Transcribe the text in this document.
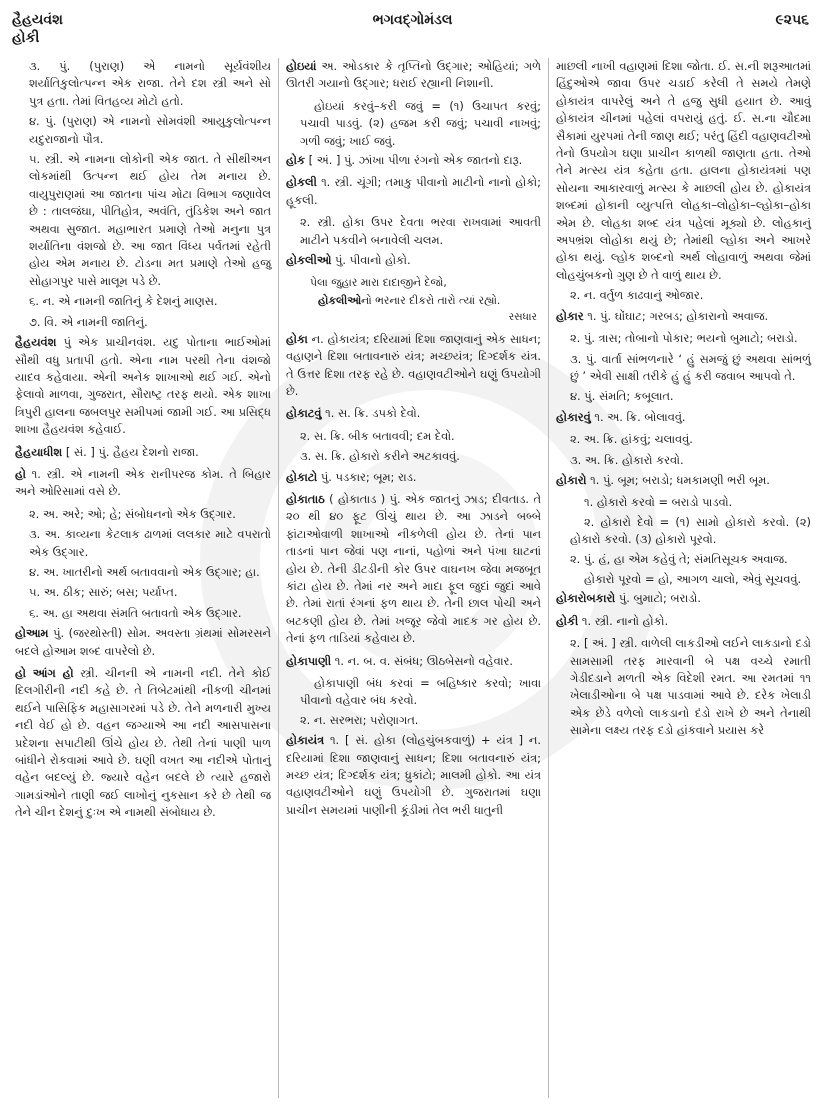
હૈહયવંશ
હોકી
ભગવદ્ગોમંડલ	૯૨૫૬

૩. પું. (પુરાણ) એ નામનો સૂર્યવંશીય શર્યાતિકુલોત્પન્ન એક રાજા. તેને દશ સ્ત્રી અને સો પુત્ર હતા. તેમાં વિતહવ્ય મોટો હતો.

૪. પું. (પુરાણ) એ નામનો સોમવંશી આયુકુલોત્પન્ન યદુરાજાનો પૌત્ર.

૫. સ્ત્રી. એ નામના લોકોની એક જાત. તે સીથીઅન લોકમાંથી ઉત્પન્ન થઈ હોય તેમ મનાય છે. વાયુપુરાણમાં આ જાતના પાંચ મોટા વિભાગ જણાવેલ છે : તાલજંઘા, પીતિહોત્ર, અવંતિ, તુંડિકેશ અને જાત અથવા સુજાત. મહાભારત પ્રમાણે તેઓ મનુના પુત્ર શર્યાતિના વંશજો છે. આ જાત વિંધ્ય પર્વતમાં રહેતી હોય એમ મનાય છે. ટોડના મત પ્રમાણે તેઓ હજુ સોહાગપુર પાસે માલૂમ પડે છે.

૬. ન. એ નામની જાતિનું કે દેશનું માણસ.

૭. વિ. એ નામની જાતિનું.

હૈહયવંશ પું એક પ્રાચીનવંશ. યદુ પોતાના ભાઈઓમાં સૌથી વધુ પ્રતાપી હતો. એના નામ પરથી તેના વંશજો યાદવ કહેવાયા. એની અનેક શાખાઓ થઈ ગઈ. એનો ફેલાવો માળવા, ગુજરાત, સૌરાષ્ટ્ર તરફ થયો. એક શાખા ત્રિપુરી હાલના જબલપુર સમીપમાં જામી ગઈ. આ પ્રસિદ્ધ શાખા હૈહયવંશ કહેવાઈ.

હૈહયાધીશ [ સં. ] પું. હૈહય દેશનો રાજા.

હો ૧. સ્ત્રી. એ નામની એક રાનીપરજ કોમ. તે બિહાર અને ઓરિસામાં વસે છે.

૨. અ. અરે; ઓ; હે; સંબોધનનો એક ઉદ્‌ગાર.

૩. અ. કાવ્યના કેટલાક ઢાળમાં લલકાર માટે વપરાતો એક ઉદ્‌ગાર.

૪. અ. ખાતરીનો અર્થ બતાવવાનો એક ઉદ્‌ગાર; હા.

૫. અ. ઠીક; સારું; બસ; પર્યાપ્ત.

૬. અ. હા અથવા સંમતિ બતાવતો એક ઉદ્‌ગાર.

હોઆમ પું. (જરથોસ્તી) સોમ. અવસ્તા ગ્રંથમાં સોમરસને બદલે હોઆમ શબ્દ વાપરેલો છે.

હો આંગ હો સ્ત્રી. ચીનની એ નામની નદી. તેને કોઈ દિલગીરીની નદી કહે છે. તે તિબેટમાંથી નીકળી ચીનમાં થઈને પાસિફિક મહાસાગરમાં પડે છે. તેને મળનારી મુખ્ય નદી વેઈ હો છે. વહન જગ્યાએ આ નદી આસપાસના પ્રદેશના સપાટીથી ઊંચે હોય છે. તેથી તેનાં પાણી પાળ બાંધીને રોકવામાં આવે છે. ઘણી વખત આ નદીએ પોતાનું વહેન બદલ્યું છે. જ્યારે વહેન બદલે છે ત્યારે હજારો ગામડાંઓને તાણી જઈ લાખોનું નુકસાન કરે છે તેથી જ તેને ચીન દેશનું દુઃખ એ નામથી સંબોધાય છે.

હોઇયાં અ. ઓડકાર કે તૃપ્તિનો ઉદ્‌ગાર; ઓહિયાં; ગળે ઊતરી ગયાનો ઉદ્‌ગાર; ધરાઈ રહ્યાની નિશાની.

હોઇયાં કરવું–કરી જવું = (૧) ઉચાપત કરવું; પચાવી પાડવું. (૨) હજમ કરી જવું; પચાવી નાખવું; ગળી જવું; ખાઈ જવું.

હોક [ અં. ] પું. ઝાંખા પીળા રંગનો એક જાતનો દારૂ.

હોકલી ૧. સ્ત્રી. ચૂંગી; તમાકુ પીવાનો માટીનો નાનો હોકો; હૂકલી.

૨. સ્ત્રી. હોકા ઉપર દેવતા ભરવા રાખવામાં આવતી માટીને પકવીને બનાવેલી ચલમ.

હોકલીઓ પું. પીવાનો હોકો.

પેલા જુહાર મારા દાદાજીને દેજો,
હોકલીઓનો ભરનાર દીકરો તારો ત્યાં રહ્યો.
રસધાર

હોકા ન. હોકાયંત્ર; દરિયામાં દિશા જાણવાનું એક સાધન; વહાણને દિશા બતાવનારું યંત્ર; મચ્છયંત્ર; દિગ્દર્શક યંત્ર. તે ઉત્તર દિશા તરફ રહે છે. વહાણવટીઓને ઘણું ઉપયોગી છે.

હોકાટવું ૧. સ. ક્રિ. ડપકો દેવો.

૨. સ. ક્રિ. બીક બતાવવી; દમ દેવો.

૩. સ. ક્રિ. હોકારો કરીને અટકાવવું.

હોકાટો પું. પડકાર; બૂમ; રાડ.

હોકાતાઠ ( હોકાતાડ ) પું. એક જાતનું ઝાડ; દીવતાડ. તે ૨૦ થી ૪૦ ફૂટ ઊંચું થાય છે. આ ઝાડને બબ્બે ફાંટાઓવાળી શાખાઓ નીકળેલી હોય છે. તેનાં પાન તાડનાં પાન જેવાં પણ નાનાં, પહોળાં અને પંખા ઘાટનાં હોય છે. તેની ડીટડીની કોર ઉપર વાઘનખ જેવા મજબૂત કાંટા હોય છે. તેમાં નર અને માદા ફૂલ જુદાં જુદાં આવે છે. તેમાં રાતાં રંગનાં ફળ થાય છે. તેની છાલ પોચી અને બટકણી હોય છે. તેમાં ખજૂર જેવો માદક ગર હોય છે. તેનાં ફળ તાડિયાં કહેવાય છે.

હોકાપાણી ૧. ન. બ. વ. સંબંધ; ઊઠબેસનો વહેવાર.

હોકાપાણી બંધ કરવાં = બહિષ્કાર કરવો; ખાવા પીવાનો વહેવાર બંધ કરવો.

૨. ન. સરભરા; પરોણાગત.

હોકાયંત્ર ૧. [ સં. હોકા (લોહચુંબકવાળું) + યંત્ર ] ન. દરિયામાં દિશા જાણવાનું સાધન; દિશા બતાવનારું યંત્ર; મચ્છ યંત્ર; દિગ્દર્શક યંત્ર; ધ્રુકાંટો; માલમી હોકો. આ યંત્ર વહાણવટીઓને ઘણું ઉપયોગી છે. ગુજરાતમાં ઘણા પ્રાચીન સમયમાં પાણીની કૂંડીમાં તેલ ભરી ધાતુની

માછલી નાખી વહાણમાં દિશા જોતા. ઈ. સ.ની શરૂઆતમાં હિંદુઓએ જાવા ઉપર ચડાઈ કરેલી તે સમયે તેમણે હોકાયંત્ર વાપરેલું અને તે હજુ સુધી હયાત છે. આવું હોકાયંત્ર ચીનમાં પહેલાં વપરાયું હતું. ઈ. સ.ના ચૌદમા સૈકામાં યુરપમાં તેની જાણ થઈ; પરંતુ હિંદી વહાણવટીઓ તેનો ઉપયોગ ઘણા પ્રાચીન કાળથી જાણતા હતા. તેઓ તેને મત્સ્ય યંત્ર કહેતા હતા. હાલના હોકાયંત્રમાં પણ સોયના આકારવાળું મત્સ્ય કે માછલી હોય છે. હોકાયંત્ર શબ્દમાં હોકાની વ્યુત્પત્તિ લોહકા–લોહોકા–લ્હોકા–હોકા એમ છે. લોહકા શબ્દ યંત્ર પહેલાં મૂક્યો છે. લોહકાનું અપભ્રંશ લોહોકા થયું છે; તેમાંથી લ્હોકા અને આખરે હોકા થયું. લ્હોક શબ્દનો અર્થ લોહાવાળું અથવા જેમાં લોહચુંબકનો ગુણ છે તે વાળું થાય છે.

૨. ન. વર્તુળ કાઢવાનું ઓજાર.

હોકાર ૧. પું. ઘોંઘાટ; ગરબડ; હોકારાનો અવાજ.

૨. પું. ત્રાસ; તોબાનો પોકાર; ભયનો બુમાટો; બરાડો.

૩. પું. વાર્તા સાંભળનારે ‘ હું સમજું છું અથવા સાંભળું છું ’ એવી સાક્ષી તરીકે હું હું કરી જવાબ આપવો તે.

૪. પું. સંમતિ; કબૂલાત.

હોકારવું ૧. અ. ક્રિ. બોલાવવું.

૨. અ. ક્રિ. હાંકવું; ચલાવવું.

૩. અ. ક્રિ. હોકારો કરવો.

હોકારો ૧. પું. બૂમ; બરાડો; ધમકામણી ભરી બૂમ.

૧. હોકારો કરવો = બરાડો પાડવો.

૨. હોકારો દેવો = (૧) સામો હોકારો કરવો. (૨) હોકારો કરવો. (૩) હોકારો પૂરવો.

૨. પું. હં, હા એમ કહેવું તે; સંમતિસૂચક અવાજ.

હોકારો પૂરવો = હો, આગળ ચાલો, એવું સૂચવવું.

હોકારોબકારો પું. બુમાટો; બરાડો.

હોકી ૧. સ્ત્રી. નાનો હોકો.

૨. [ અં. ] સ્ત્રી. વાળેલી લાકડીઓ લઈને લાકડાનો દડો સામસામી તરફ મારવાની બે પક્ષ વચ્ચે રમાતી ગેડીદડાને મળતી એક વિદેશી રમત. આ રમતમાં ૧૧ ખેલાડીઓના બે પક્ષ પાડવામાં આવે છે. દરેક ખેલાડી એક છેડે વળેલો લાકડાનો દંડો રાખે છે અને તેનાથી સામેના લક્ષ્ય તરફ દડો હાંકવાને પ્રયાસ કરે
